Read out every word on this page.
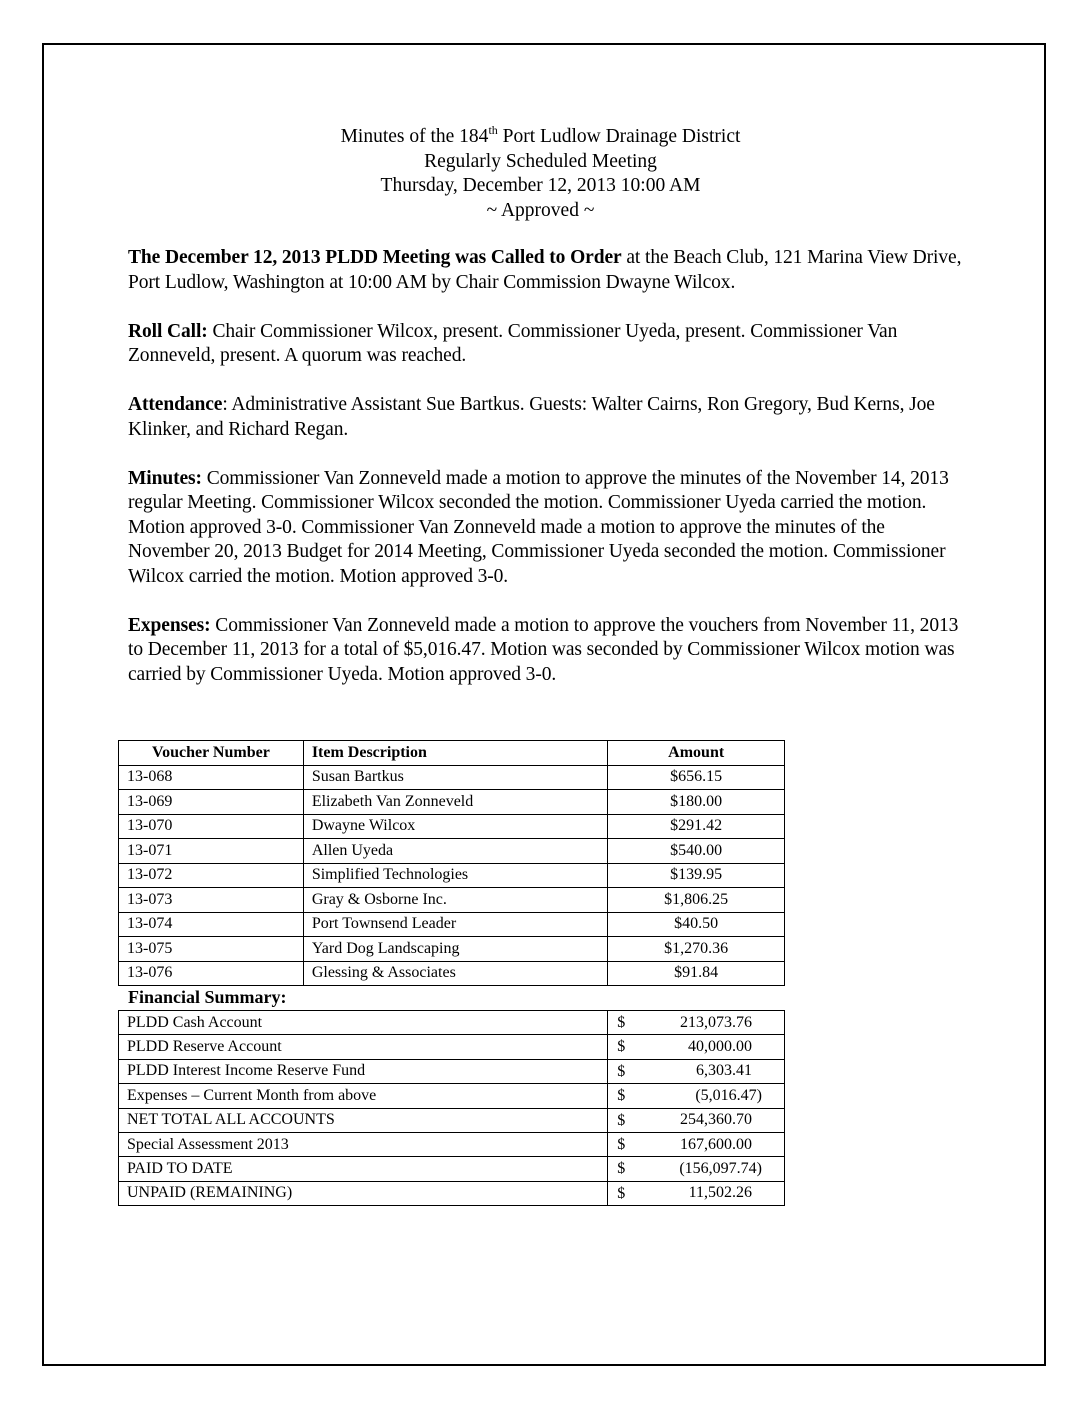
Minutes of the 184th Port Ludlow Drainage District
Regularly Scheduled Meeting
Thursday, December 12, 2013 10:00 AM
~ Approved ~

The December 12, 2013 PLDD Meeting was Called to Order at the Beach Club, 121 Marina View Drive, Port Ludlow, Washington at 10:00 AM by Chair Commission Dwayne Wilcox.

Roll Call: Chair Commissioner Wilcox, present. Commissioner Uyeda, present. Commissioner Van Zonneveld, present. A quorum was reached.

Attendance: Administrative Assistant Sue Bartkus. Guests: Walter Cairns, Ron Gregory, Bud Kerns, Joe Klinker, and Richard Regan.

Minutes: Commissioner Van Zonneveld made a motion to approve the minutes of the November 14, 2013 regular Meeting. Commissioner Wilcox seconded the motion. Commissioner Uyeda carried the motion. Motion approved 3-0. Commissioner Van Zonneveld made a motion to approve the minutes of the November 20, 2013 Budget for 2014 Meeting, Commissioner Uyeda seconded the motion. Commissioner Wilcox carried the motion. Motion approved 3-0.

Expenses: Commissioner Van Zonneveld made a motion to approve the vouchers from November 11, 2013 to December 11, 2013 for a total of $5,016.47. Motion was seconded by Commissioner Wilcox motion was carried by Commissioner Uyeda. Motion approved 3-0.

Voucher Number	Item Description	Amount
13-068	Susan Bartkus	$656.15
13-069	Elizabeth Van Zonneveld	$180.00
13-070	Dwayne Wilcox	$291.42
13-071	Allen Uyeda	$540.00
13-072	Simplified Technologies	$139.95
13-073	Gray & Osborne Inc.	$1,806.25
13-074	Port Townsend Leader	$40.50
13-075	Yard Dog Landscaping	$1,270.36
13-076	Glessing & Associates	$91.84
Financial Summary:
PLDD Cash Account	$ 213,073.76

PLDD Reserve Account	$ 40,000.00

PLDD Interest Income Reserve Fund	$ 6,303.41

Expenses – Current Month from above	$ (5,016.47)

NET TOTAL ALL ACCOUNTS	$ 254,360.70

Special Assessment 2013	$ 167,600.00

PAID TO DATE	$ (156,097.74)

UNPAID (REMAINING)	$ 11,502.26
